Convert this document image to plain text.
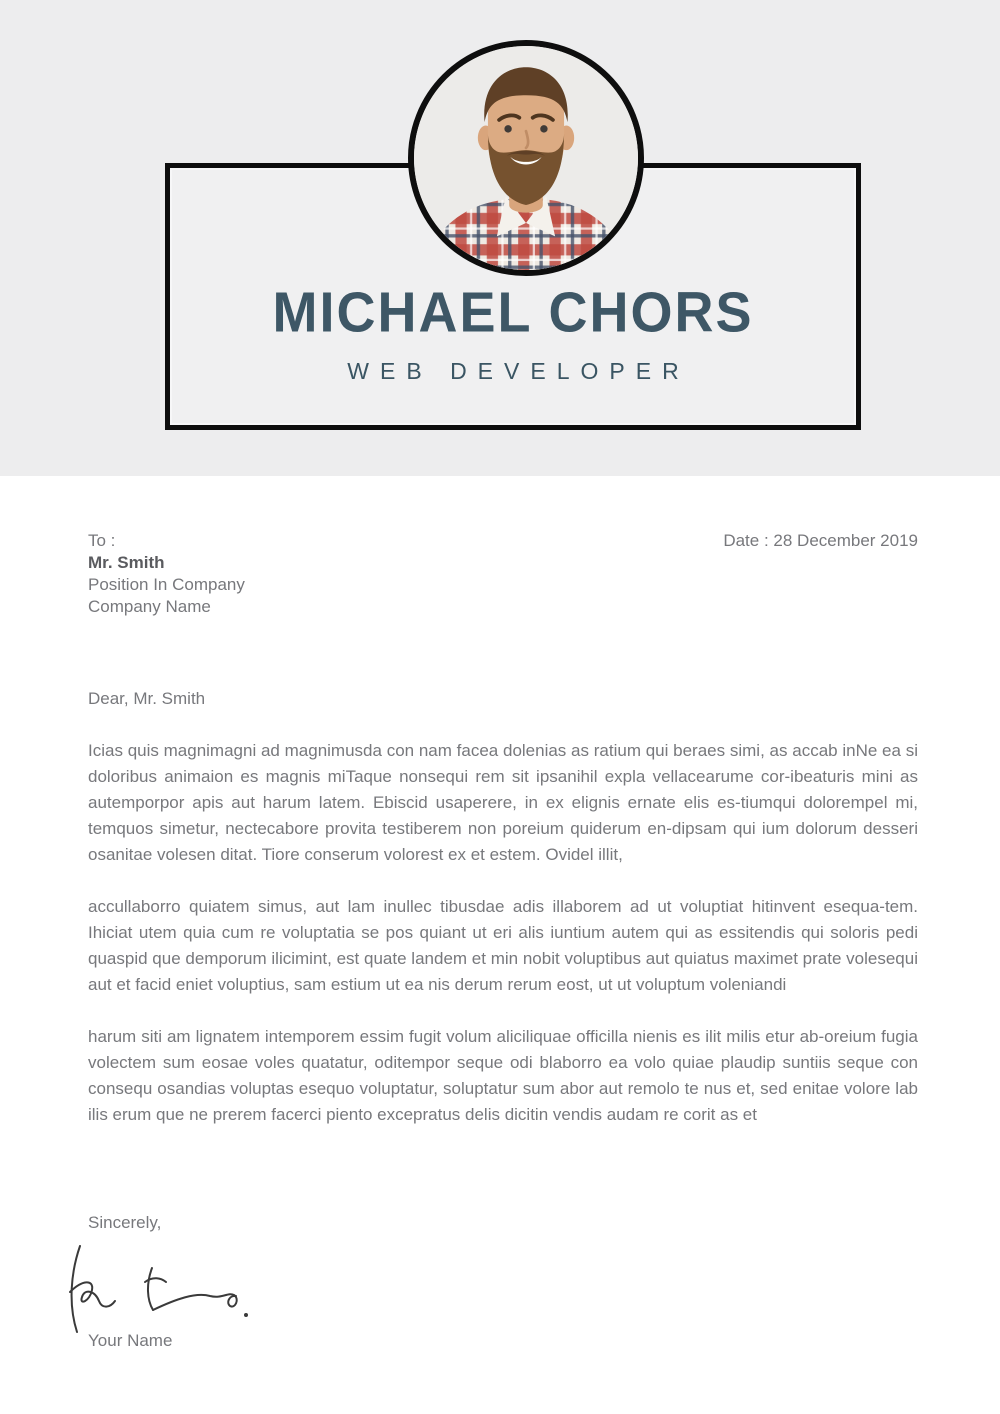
MICHAEL CHORS
WEB DEVELOPER
To :
Mr. Smith
Position In Company
Company Name
Date : 28 December 2019

Dear, Mr. Smith

Icias quis magnimagni ad magnimusda con nam facea dolenias as ratium qui beraes simi, as accab inNe ea si doloribus animaion es magnis miTaque nonsequi rem sit ipsanihil expla vellacearume cor-ibeaturis mini as autemporpor apis aut harum latem. Ebiscid usaperere, in ex elignis ernate elis es-tiumqui dolorempel mi, temquos simetur, nectecabore provita testiberem non poreium quiderum en-dipsam qui ium dolorum desseri osanitae volesen ditat. Tiore conserum volorest ex et estem. Ovidel illit,

accullaborro quiatem simus, aut lam inullec tibusdae adis illaborem ad ut voluptiat hitinvent esequa-tem. Ihiciat utem quia cum re voluptatia se pos quiant ut eri alis iuntium autem qui as essitendis qui soloris pedi quaspid que demporum ilicimint, est quate landem et min nobit voluptibus aut quiatus maximet prate volesequi aut et facid eniet voluptius, sam estium ut ea nis derum rerum eost, ut ut voluptum voleniandi

harum siti am lignatem intemporem essim fugit volum aliciliquae officilla nienis es ilit milis etur ab-oreium fugia volectem sum eosae voles quatatur, oditempor seque odi blaborro ea volo quiae plaudip suntiis seque con consequ osandias voluptas esequo voluptatur, soluptatur sum abor aut remolo te nus et, sed enitae volore lab ilis erum que ne prerem facerci piento excepratus delis dicitin vendis audam re corit as et

Sincerely,

Your Name
